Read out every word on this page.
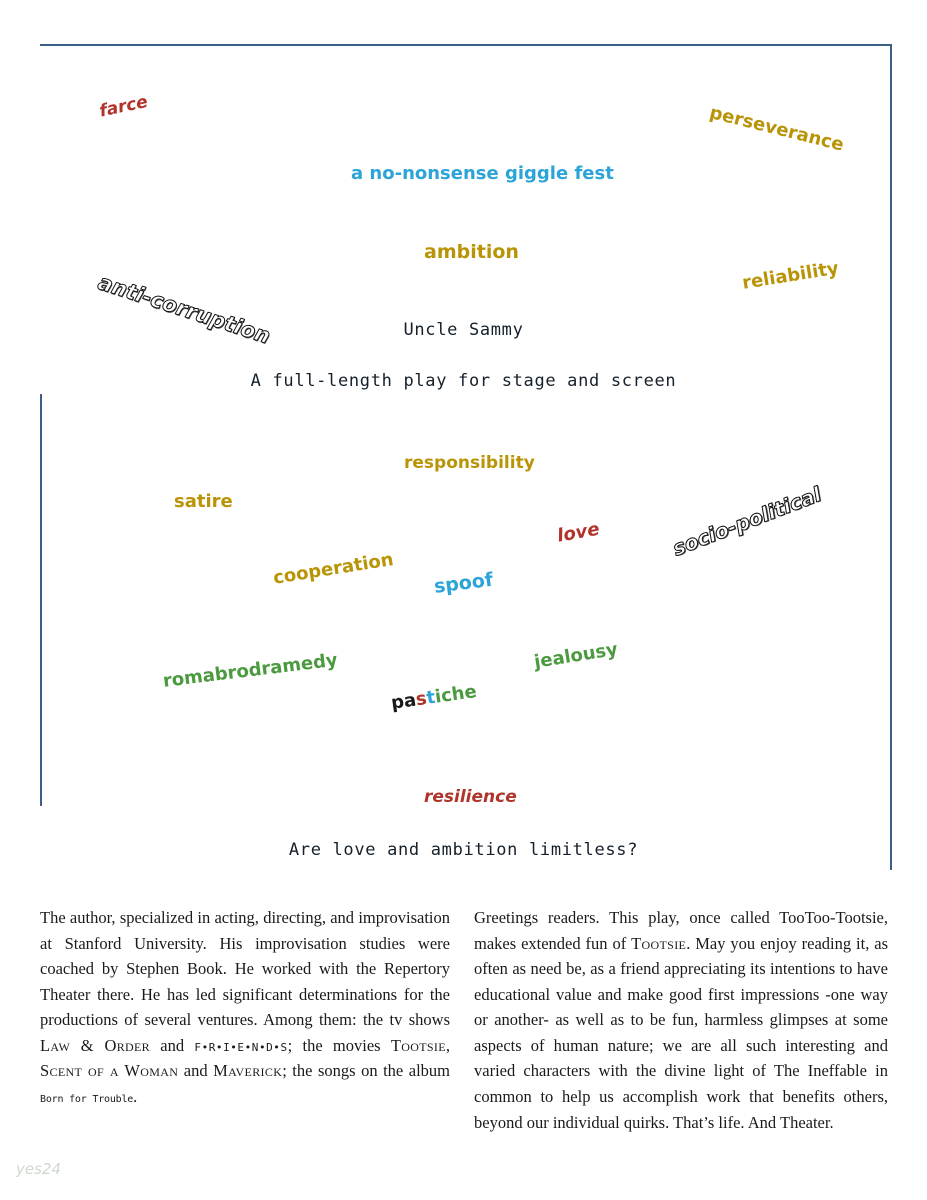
farce	perseverance
a no-nonsense giggle fest
ambition
anti-corruption	reliability
responsibility
satire
love	socio-political
cooperation spoof
jealousy
romabrodramedy
pastiche
resilience
Uncle Sammy
A full-length play for stage and screen
Are love and ambition limitless?
The author, specialized in acting, directing, and improvisation at Stanford University. His improvisation studies were coached by Stephen Book. He worked with the Repertory Theater there. He has led significant determinations for the productions of several ventures. Among them: the tv shows Law & Order and F•R•I•E•N•D•S; the movies Tootsie, Scent of a Woman and Maverick; the songs on the album Born for Trouble.
Greetings readers. This play, once called TooToo-Tootsie, makes extended fun of Tootsie. May you enjoy reading it, as often as need be, as a friend appreciating its intentions to have educational value and make good first impressions -one way or another- as well as to be fun, harmless glimpses at some aspects of human nature; we are all such interesting and varied characters with the divine light of The Ineffable in common to help us accomplish work that benefits others, beyond our individual quirks. That’s life. And Theater.
yes24
